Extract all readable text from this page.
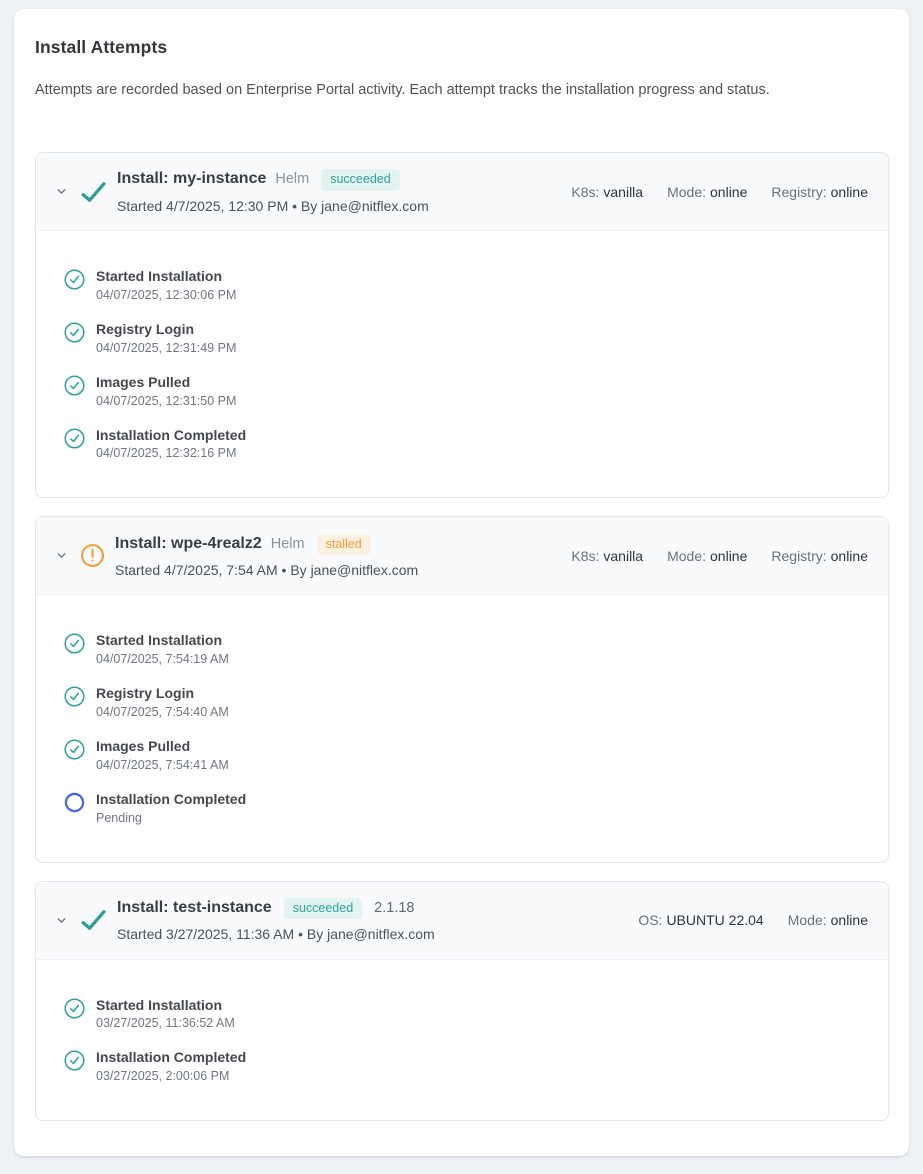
Install Attempts

Attempts are recorded based on Enterprise Portal activity. Each attempt tracks the installation progress and status.

Install: my-instance Helm	succeeded
Started 4/7/2025, 12:30 PM • By jane@nitflex.com
K8s: vanilla Mode: online Registry: online
Started Installation
04/07/2025, 12:30:06 PM
Registry Login
04/07/2025, 12:31:49 PM
Images Pulled
04/07/2025, 12:31:50 PM
Installation Completed
04/07/2025, 12:32:16 PM
Install: wpe-4realz2 Helm	stalled
Started 4/7/2025, 7:54 AM • By jane@nitflex.com
K8s: vanilla Mode: online Registry: online
Started Installation
04/07/2025, 7:54:19 AM
Registry Login
04/07/2025, 7:54:40 AM
Images Pulled
04/07/2025, 7:54:41 AM
Installation Completed
Pending
Install: test-instance	succeeded	2.1.18
Started 3/27/2025, 11:36 AM • By jane@nitflex.com
OS: UBUNTU 22.04 Mode: online
Started Installation
03/27/2025, 11:36:52 AM
Installation Completed
03/27/2025, 2:00:06 PM
